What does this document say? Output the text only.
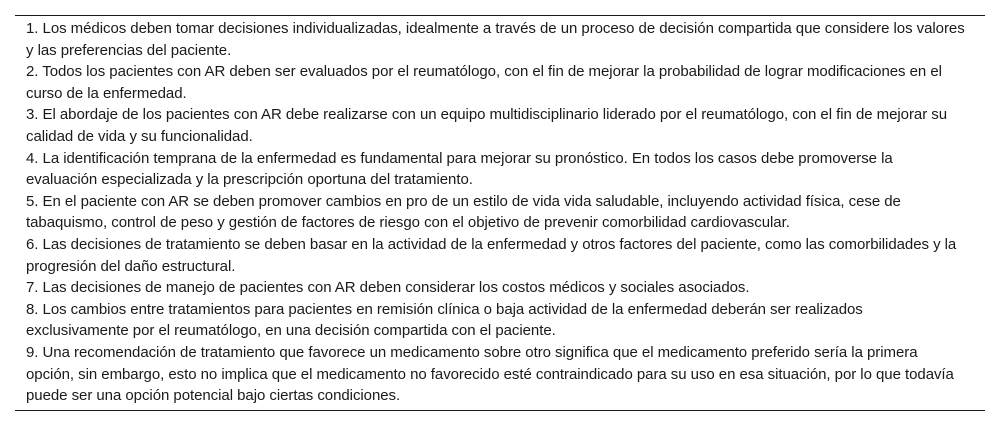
1. Los médicos deben tomar decisiones individualizadas, idealmente a través de un proceso de decisión compartida que considere los valores y las preferencias del paciente.

2. Todos los pacientes con AR deben ser evaluados por el reumatólogo, con el fin de mejorar la probabilidad de lograr modificaciones en el curso de la enfermedad.

3. El abordaje de los pacientes con AR debe realizarse con un equipo multidisciplinario liderado por el reumatólogo, con el fin de mejorar su calidad de vida y su funcionalidad.

4. La identificación temprana de la enfermedad es fundamental para mejorar su pronóstico. En todos los casos debe promoverse la evaluación especializada y la prescripción oportuna del tratamiento.

5. En el paciente con AR se deben promover cambios en pro de un estilo de vida vida saludable, incluyendo actividad física, cese de tabaquismo, control de peso y gestión de factores de riesgo con el objetivo de prevenir comorbilidad cardiovascular.

6. Las decisiones de tratamiento se deben basar en la actividad de la enfermedad y otros factores del paciente, como las comorbilidades y la progresión del daño estructural.

7. Las decisiones de manejo de pacientes con AR deben considerar los costos médicos y sociales asociados.

8. Los cambios entre tratamientos para pacientes en remisión clínica o baja actividad de la enfermedad deberán ser realizados exclusivamente por el reumatólogo, en una decisión compartida con el paciente.

9. Una recomendación de tratamiento que favorece un medicamento sobre otro significa que el medicamento preferido sería la primera opción, sin embargo, esto no implica que el medicamento no favorecido esté contraindicado para su uso en esa situación, por lo que todavía puede ser una opción potencial bajo ciertas condiciones.
